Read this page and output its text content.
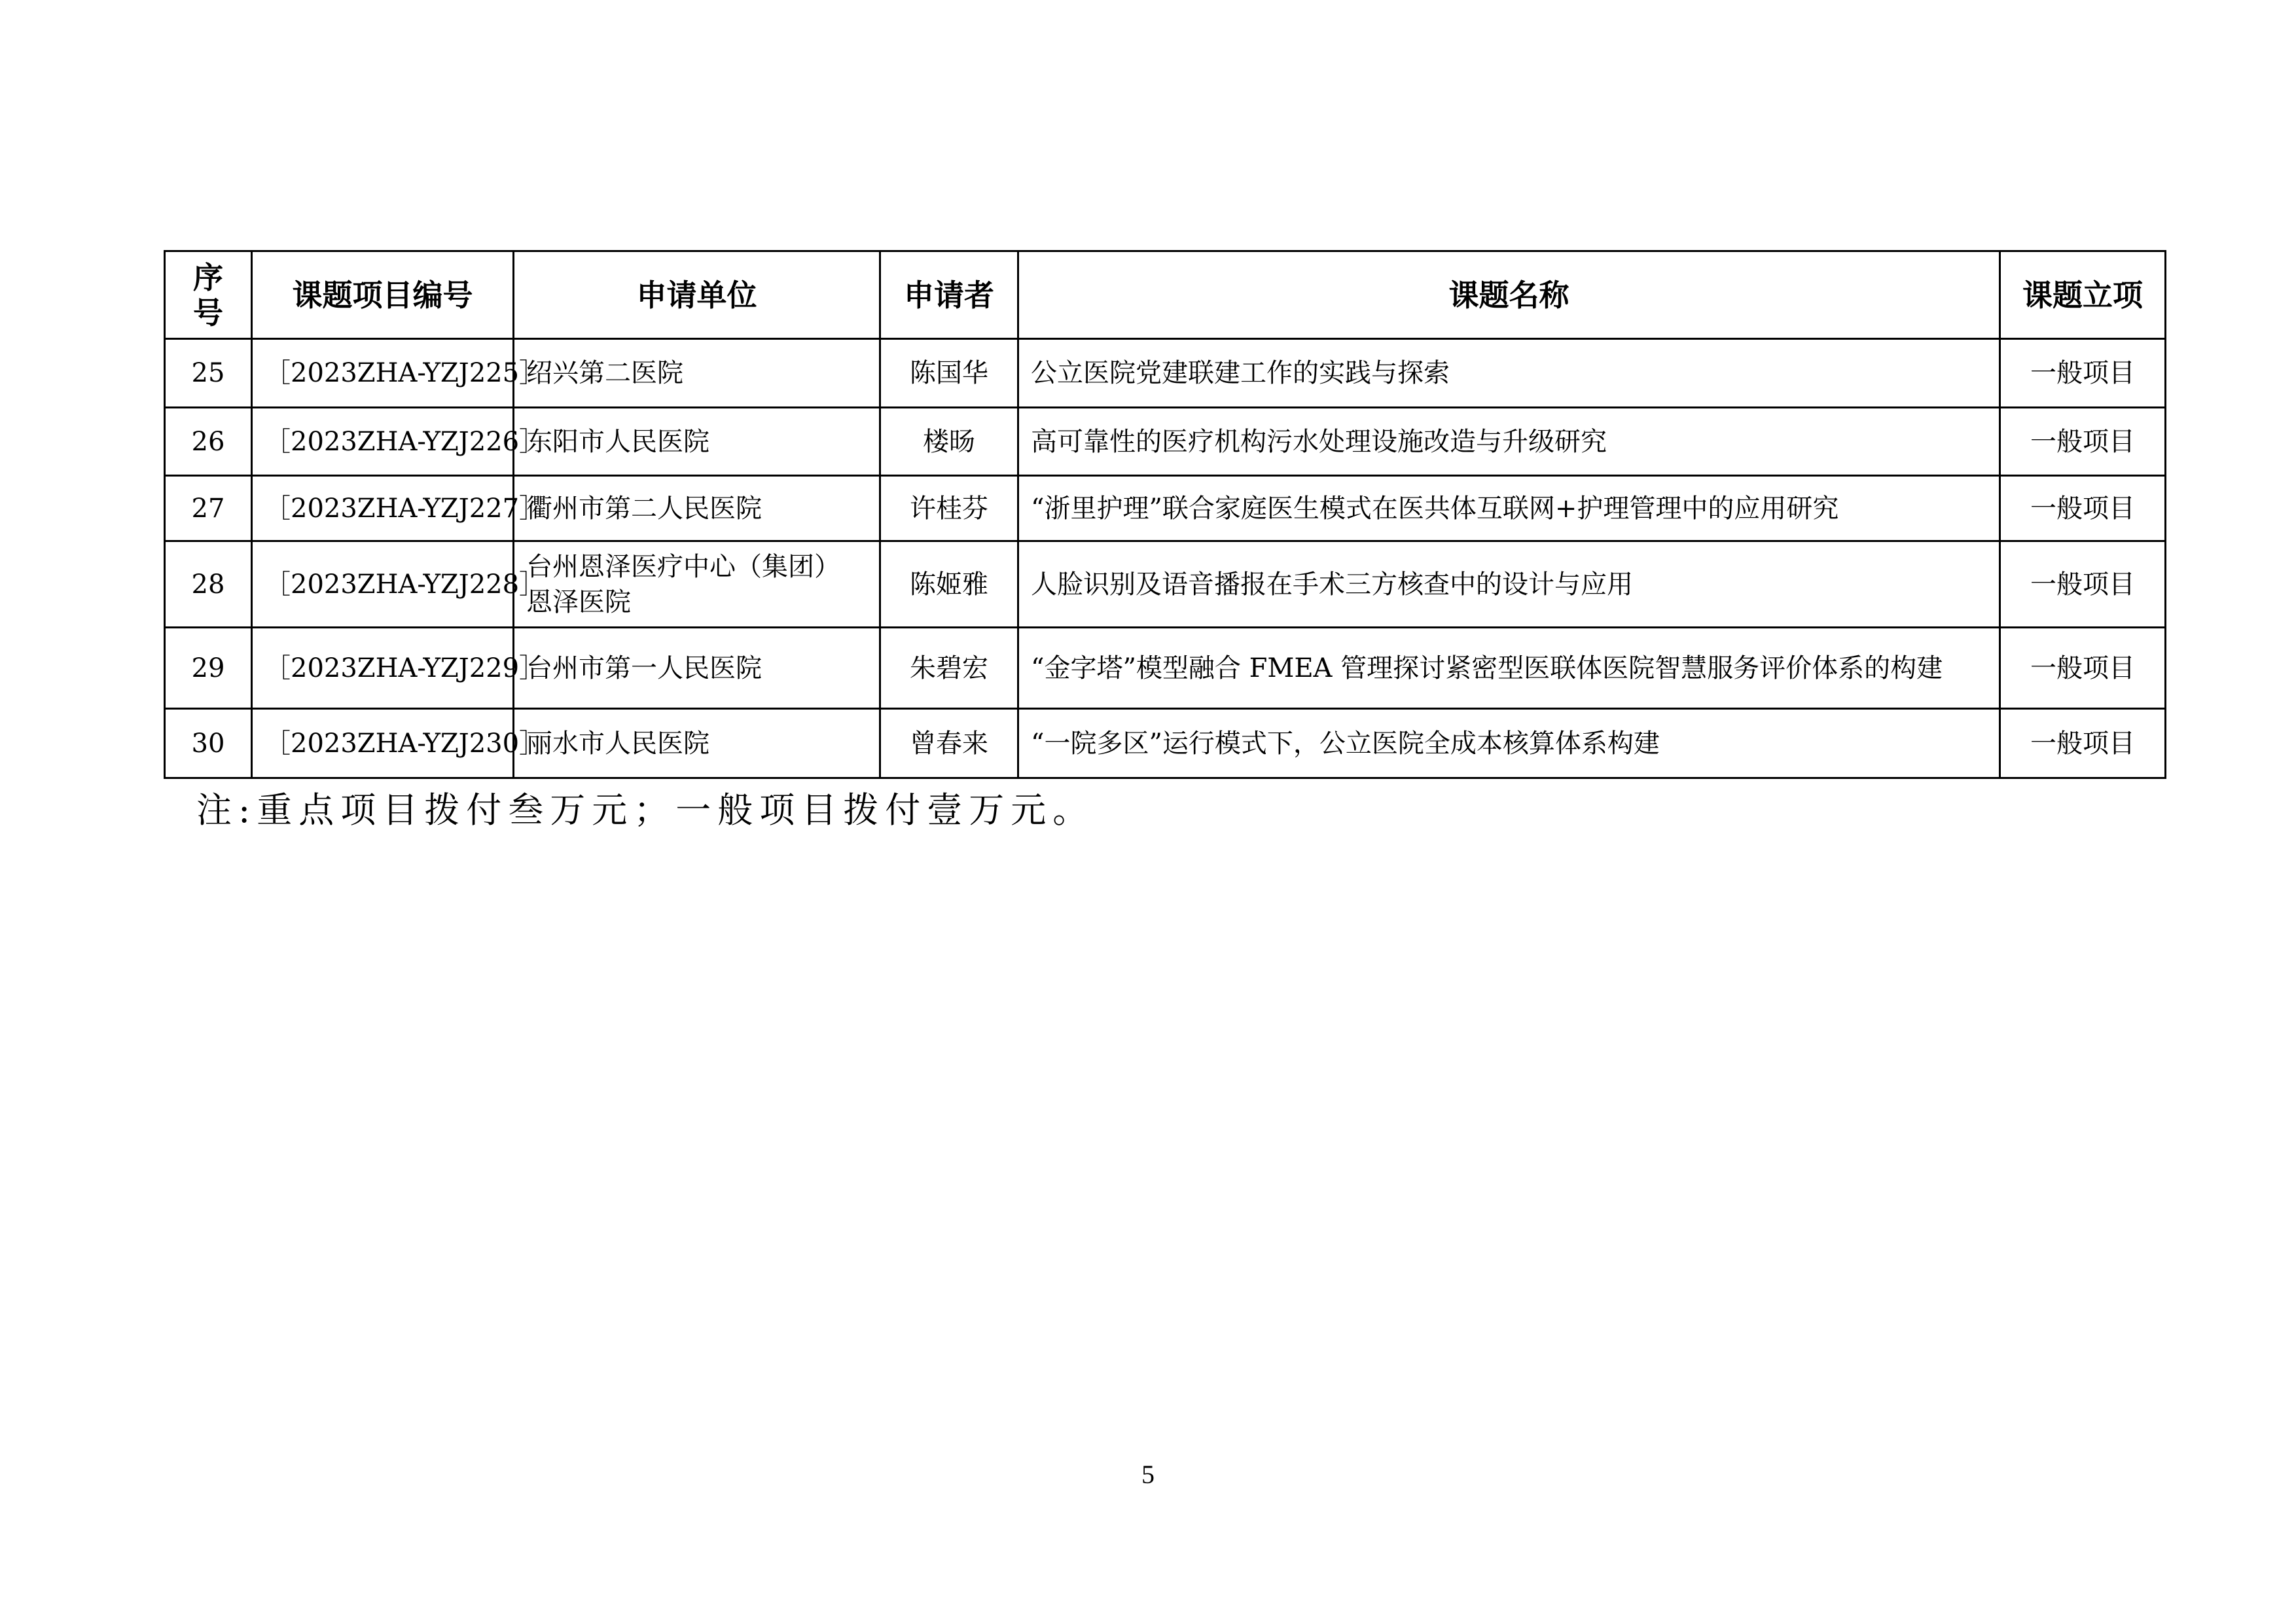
序
号	课题项目编号	申请单位	申请者	课题名称	课题立项
25	［2023ZHA-YZJ225］	绍兴第二医院	陈国华	公立医院党建联建工作的实践与探索	一般项目
26	［2023ZHA-YZJ226］	东阳市人民医院	楼旸	高可靠性的医疗机构污水处理设施改造与升级研究	一般项目
27	［2023ZHA-YZJ227］	衢州市第二人民医院	许桂芬	“浙里护理”联合家庭医生模式在医共体互联网+护理管理中的应用研究	一般项目
28	［2023ZHA-YZJ228］	台州恩泽医疗中心（集团）
恩泽医院	陈姬雅	人脸识别及语音播报在手术三方核查中的设计与应用	一般项目
29	［2023ZHA-YZJ229］	台州市第一人民医院	朱碧宏	“金字塔”模型融合 FMEA 管理探讨紧密型医联体医院智慧服务评价体系的构建	一般项目
30	［2023ZHA-YZJ230］	丽水市人民医院	曾春来	“一院多区”运行模式下，公立医院全成本核算体系构建	一般项目
注:重点项目拨付叁万元；一般项目拨付壹万元。
5
